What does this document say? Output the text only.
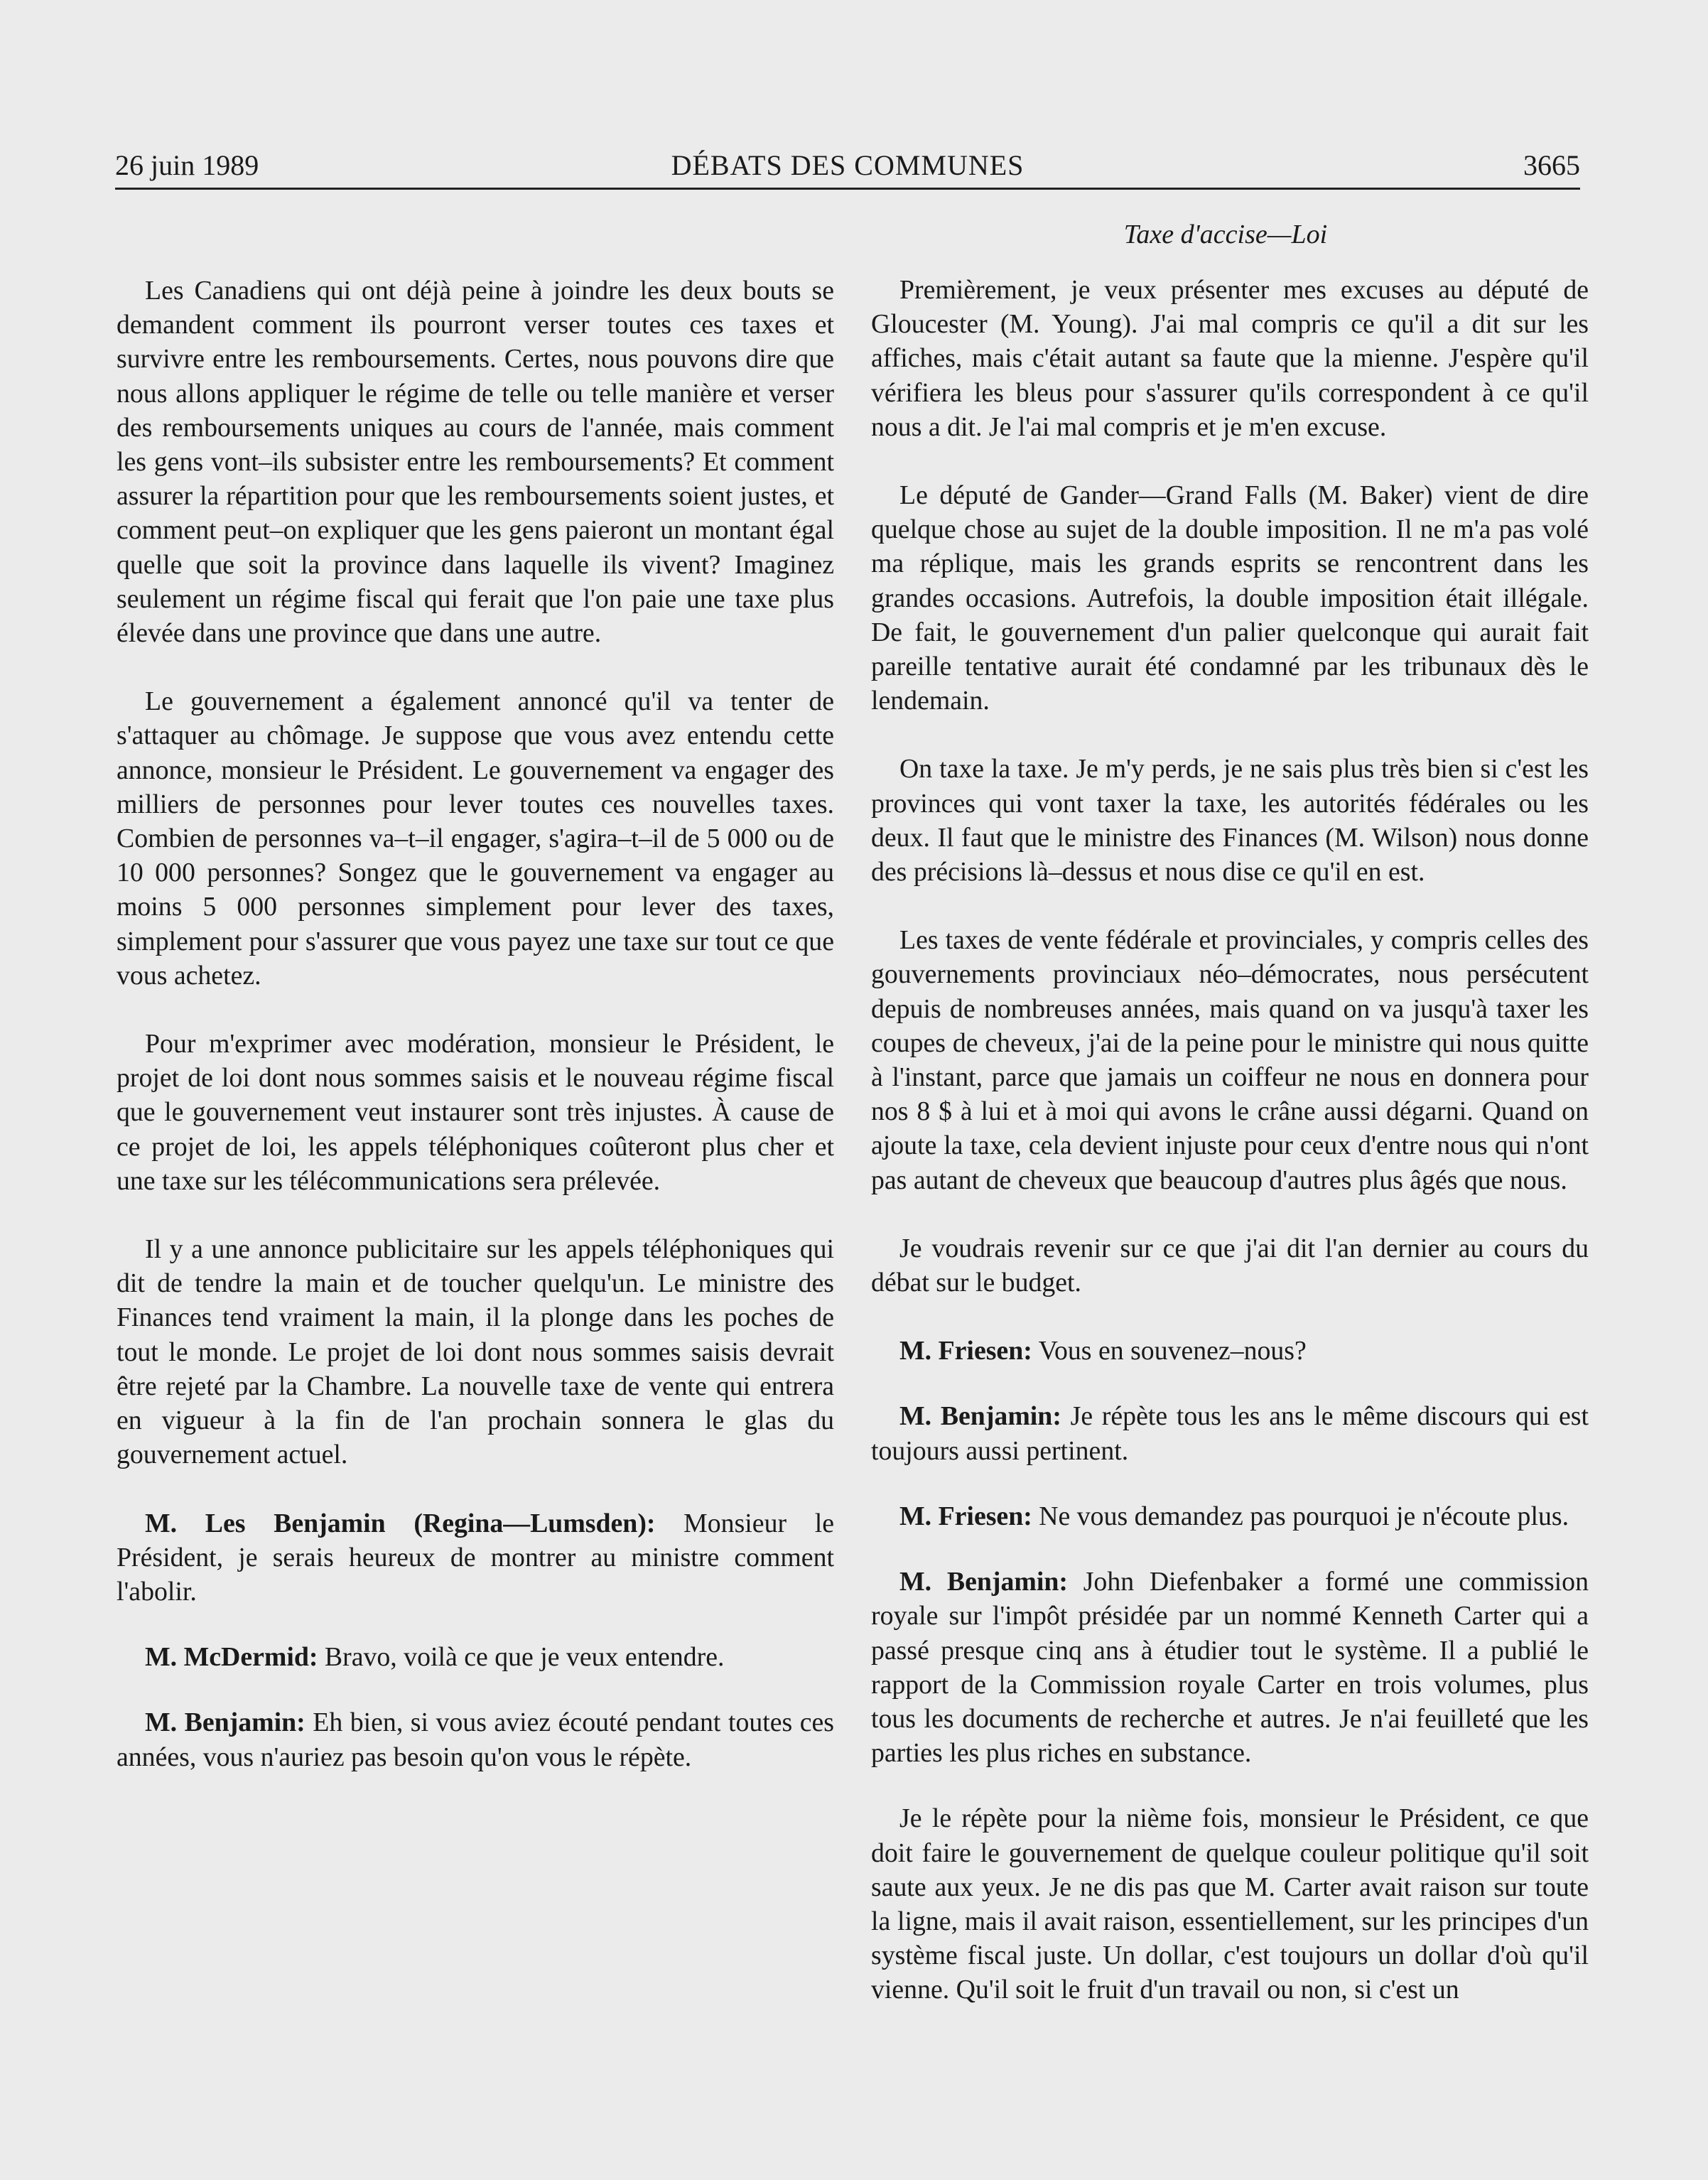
26 juin 1989	DÉBATS DES COMMUNES	3665
Taxe d'accise—Loi

Les Canadiens qui ont déjà peine à joindre les deux bouts se demandent comment ils pourront verser toutes ces taxes et survivre entre les remboursements. Certes, nous pouvons dire que nous allons appliquer le régime de telle ou telle manière et verser des remboursements uniques au cours de l'année, mais comment les gens vont–ils subsister entre les remboursements? Et comment assurer la répartition pour que les remboursements soient justes, et comment peut–on expliquer que les gens paieront un montant égal quelle que soit la province dans laquelle ils vivent? Imaginez seulement un régime fiscal qui ferait que l'on paie une taxe plus élevée dans une province que dans une autre.

Le gouvernement a également annoncé qu'il va tenter de s'attaquer au chômage. Je suppose que vous avez entendu cette annonce, monsieur le Président. Le gouvernement va engager des milliers de personnes pour lever toutes ces nouvelles taxes. Combien de personnes va–t–il engager, s'agira–t–il de 5 000 ou de 10 000 personnes? Songez que le gouvernement va engager au moins 5 000 personnes simplement pour lever des taxes, simplement pour s'assurer que vous payez une taxe sur tout ce que vous achetez.

Pour m'exprimer avec modération, monsieur le Président, le projet de loi dont nous sommes saisis et le nouveau régime fiscal que le gouvernement veut instaurer sont très injustes. À cause de ce projet de loi, les appels téléphoniques coûteront plus cher et une taxe sur les télécommunications sera prélevée.

Il y a une annonce publicitaire sur les appels téléphoniques qui dit de tendre la main et de toucher quelqu'un. Le ministre des Finances tend vraiment la main, il la plonge dans les poches de tout le monde. Le projet de loi dont nous sommes saisis devrait être rejeté par la Chambre. La nouvelle taxe de vente qui entrera en vigueur à la fin de l'an prochain sonnera le glas du gouvernement actuel.

M. Les Benjamin (Regina—Lumsden): Monsieur le Président, je serais heureux de montrer au ministre comment l'abolir.

M. McDermid: Bravo, voilà ce que je veux entendre.

M. Benjamin: Eh bien, si vous aviez écouté pendant toutes ces années, vous n'auriez pas besoin qu'on vous le répète.

Premièrement, je veux présenter mes excuses au député de Gloucester (M. Young). J'ai mal compris ce qu'il a dit sur les affiches, mais c'était autant sa faute que la mienne. J'espère qu'il vérifiera les bleus pour s'assurer qu'ils correspondent à ce qu'il nous a dit. Je l'ai mal compris et je m'en excuse.

Le député de Gander—Grand Falls (M. Baker) vient de dire quelque chose au sujet de la double imposition. Il ne m'a pas volé ma réplique, mais les grands esprits se rencontrent dans les grandes occasions. Autrefois, la double imposition était illégale. De fait, le gouvernement d'un palier quelconque qui aurait fait pareille tentative aurait été condamné par les tribunaux dès le lendemain.

On taxe la taxe. Je m'y perds, je ne sais plus très bien si c'est les provinces qui vont taxer la taxe, les autorités fédérales ou les deux. Il faut que le ministre des Finances (M. Wilson) nous donne des précisions là–dessus et nous dise ce qu'il en est.

Les taxes de vente fédérale et provinciales, y compris celles des gouvernements provinciaux néo–démocrates, nous persécutent depuis de nombreuses années, mais quand on va jusqu'à taxer les coupes de cheveux, j'ai de la peine pour le ministre qui nous quitte à l'instant, parce que jamais un coiffeur ne nous en donnera pour nos 8 $ à lui et à moi qui avons le crâne aussi dégarni. Quand on ajoute la taxe, cela devient injuste pour ceux d'entre nous qui n'ont pas autant de cheveux que beaucoup d'autres plus âgés que nous.

Je voudrais revenir sur ce que j'ai dit l'an dernier au cours du débat sur le budget.

M. Friesen: Vous en souvenez–nous?

M. Benjamin: Je répète tous les ans le même discours qui est toujours aussi pertinent.

M. Friesen: Ne vous demandez pas pourquoi je n'écoute plus.

M. Benjamin: John Diefenbaker a formé une commission royale sur l'impôt présidée par un nommé Kenneth Carter qui a passé presque cinq ans à étudier tout le système. Il a publié le rapport de la Commission royale Carter en trois volumes, plus tous les documents de recherche et autres. Je n'ai feuilleté que les parties les plus riches en substance.

Je le répète pour la nième fois, monsieur le Président, ce que doit faire le gouvernement de quelque couleur politique qu'il soit saute aux yeux. Je ne dis pas que M. Carter avait raison sur toute la ligne, mais il avait raison, essentiellement, sur les principes d'un système fiscal juste. Un dollar, c'est toujours un dollar d'où qu'il vienne. Qu'il soit le fruit d'un travail ou non, si c'est un
